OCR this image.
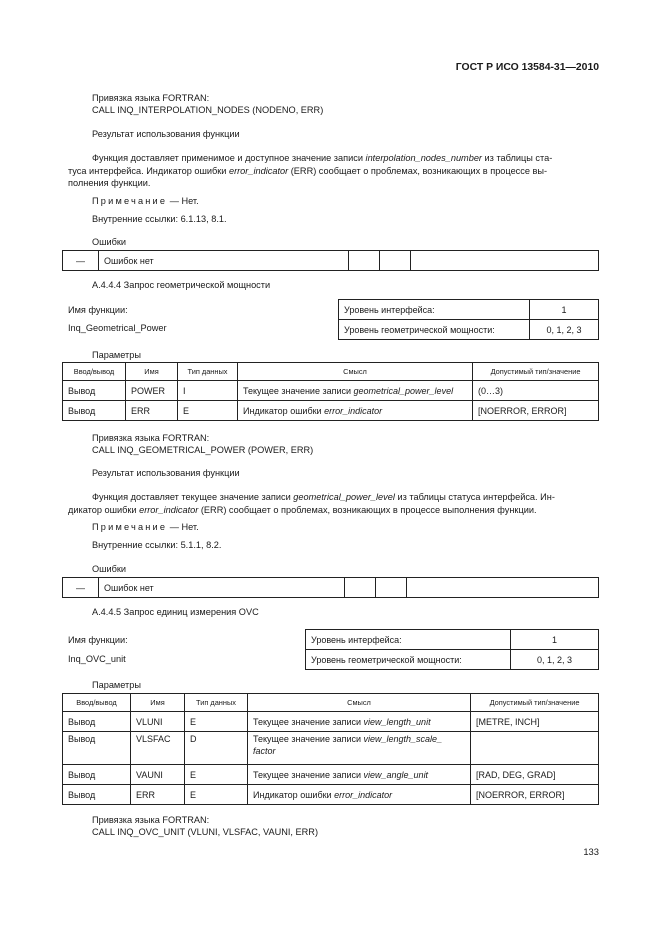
ГОСТ Р ИСО 13584-31—2010
Привязка языка FORTRAN:
CALL INQ_INTERPOLATION_NODES (NODENO, ERR)
Результат использования функции
Функция доставляет применимое и доступное значение записи interpolation_nodes_number из таблицы ста-
туса интерфейса. Индикатор ошибки error_indicator (ERR) сообщает о проблемах, возникающих в процессе вы-
полнения функции.
Примечание — Нет.
Внутренние ссылки: 6.1.13, 8.1.
Ошибки
—	Ошибок нет			
А.4.4.4 Запрос геометрической мощности
Имя функции:
Inq_Geometrical_Power
Уровень интерфейса:	1
Уровень геометрической мощности:	0, 1, 2, 3
Параметры
Ввод/вывод	Имя	Тип данных	Смысл	Допустимый тип/значение
Вывод	POWER	I	Текущее значение записи geometrical_power_level	(0…3)
Вывод	ERR	E	Индикатор ошибки error_indicator	[NOERROR, ERROR]
Привязка языка FORTRAN:
CALL INQ_GEOMETRICAL_POWER (POWER, ERR)
Результат использования функции
Функция доставляет текущее значение записи geometrical_power_level из таблицы статуса интерфейса. Ин-
дикатор ошибки error_indicator (ERR) сообщает о проблемах, возникающих в процессе выполнения функции.
Примечание — Нет.
Внутренние ссылки: 5.1.1, 8.2.
Ошибки
—	Ошибок нет			
А.4.4.5 Запрос единиц измерения OVC
Имя функции:
Inq_OVC_unit
Уровень интерфейса:	1
Уровень геометрической мощности:	0, 1, 2, 3
Параметры
Ввод/вывод	Имя	Тип данных	Смысл	Допустимый тип/значение
Вывод	VLUNI	E	Текущее значение записи view_length_unit	[METRE, INCH]
Вывод	VLSFAC	D	Текущее значение записи view_length_scale_
factor	
Вывод	VAUNI	E	Текущее значение записи view_angle_unit	[RAD, DEG, GRAD]
Вывод	ERR	E	Индикатор ошибки error_indicator	[NOERROR, ERROR]
Привязка языка FORTRAN:
CALL INQ_OVC_UNIT (VLUNI, VLSFAC, VAUNI, ERR)
133
